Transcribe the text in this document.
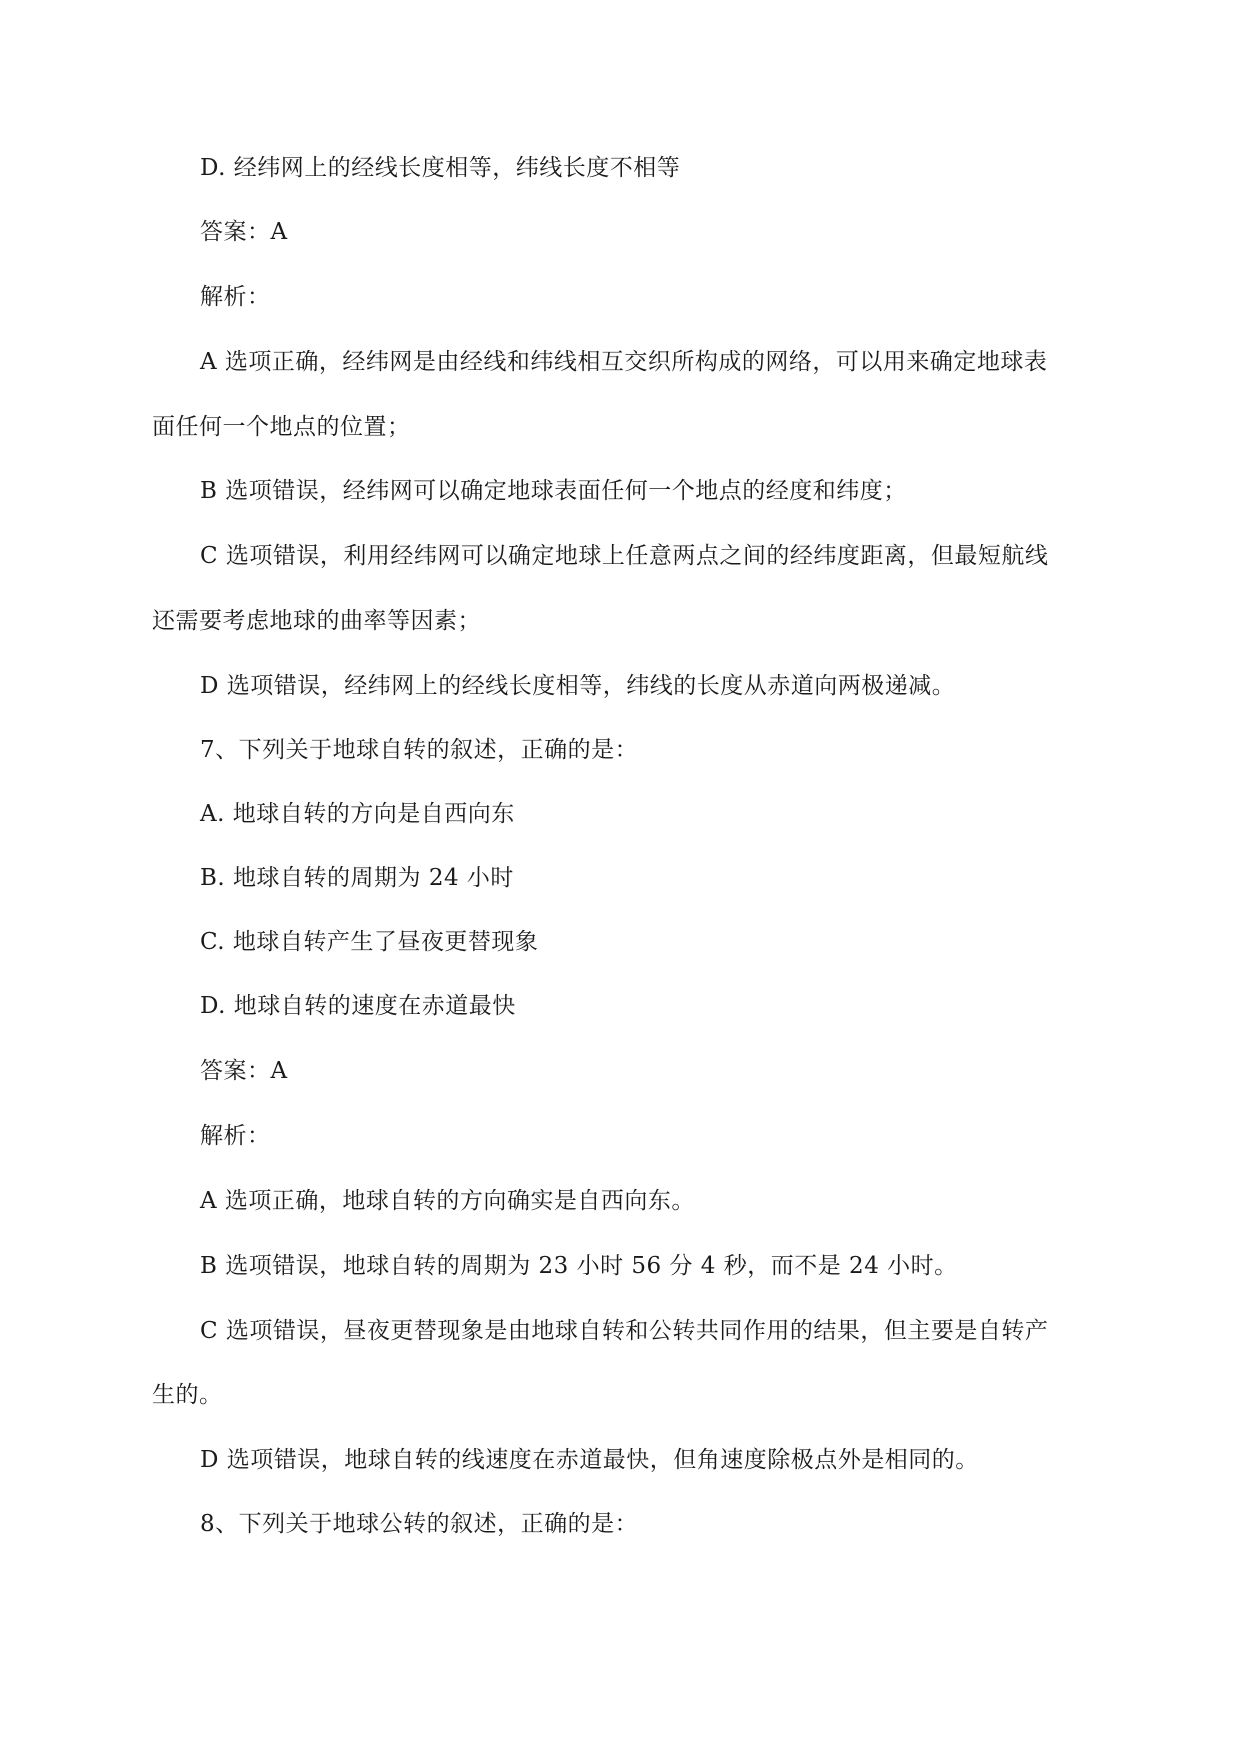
D. 经纬网上的经线长度相等，纬线长度不相等
答案：A
解析：
A 选项正确，经纬网是由经线和纬线相互交织所构成的网络，可以用来确定地球表
面任何一个地点的位置；
B 选项错误，经纬网可以确定地球表面任何一个地点的经度和纬度；
C 选项错误，利用经纬网可以确定地球上任意两点之间的经纬度距离，但最短航线
还需要考虑地球的曲率等因素；
D 选项错误，经纬网上的经线长度相等，纬线的长度从赤道向两极递减。
7、下列关于地球自转的叙述，正确的是：
A. 地球自转的方向是自西向东
B. 地球自转的周期为 24 小时
C. 地球自转产生了昼夜更替现象
D. 地球自转的速度在赤道最快
答案：A
解析：
A 选项正确，地球自转的方向确实是自西向东。
B 选项错误，地球自转的周期为 23 小时 56 分 4 秒，而不是 24 小时。
C 选项错误，昼夜更替现象是由地球自转和公转共同作用的结果，但主要是自转产
生的。
D 选项错误，地球自转的线速度在赤道最快，但角速度除极点外是相同的。
8、下列关于地球公转的叙述，正确的是：
